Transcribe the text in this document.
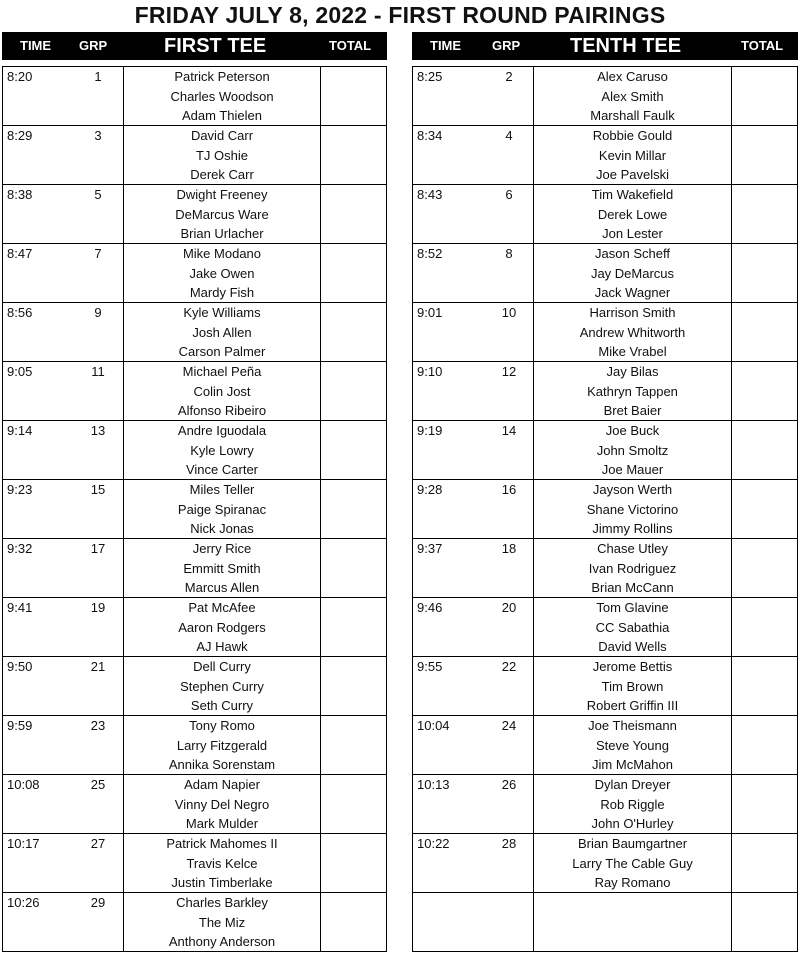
FRIDAY JULY 8, 2022 - FIRST ROUND PAIRINGS
TIME GRP	FIRST TEE	TOTAL	TIME GRP TENTH TEE	TOTAL
8:20	1	Patrick Peterson
Charles Woodson
Adam Thielen
8:29	3	David Carr
TJ Oshie
Derek Carr
8:38	5	Dwight Freeney
DeMarcus Ware
Brian Urlacher
8:47	7	Mike Modano
Jake Owen
Mardy Fish
8:56	9	Kyle Williams
Josh Allen
Carson Palmer
9:05	11	Michael Peña
Colin Jost
Alfonso Ribeiro
9:14	13	Andre Iguodala
Kyle Lowry
Vince Carter
9:23	15	Miles Teller
Paige Spiranac
Nick Jonas
9:32	17	Jerry Rice
Emmitt Smith
Marcus Allen
9:41	19	Pat McAfee
Aaron Rodgers
AJ Hawk
9:50	21	Dell Curry
Stephen Curry
Seth Curry
9:59	23	Tony Romo
Larry Fitzgerald
Annika Sorenstam
10:08	25	Adam Napier
Vinny Del Negro
Mark Mulder
10:17	27	Patrick Mahomes II
Travis Kelce
Justin Timberlake
10:26	29	Charles Barkley
The Miz
Anthony Anderson
8:25	2	Alex Caruso
Alex Smith
Marshall Faulk
8:34	4	Robbie Gould
Kevin Millar
Joe Pavelski
8:43	6	Tim Wakefield
Derek Lowe
Jon Lester
8:52	8	Jason Scheff
Jay DeMarcus
Jack Wagner
9:01	10	Harrison Smith
Andrew Whitworth
Mike Vrabel
9:10	12	Jay Bilas
Kathryn Tappen
Bret Baier
9:19	14	Joe Buck
John Smoltz
Joe Mauer
9:28	16	Jayson Werth
Shane Victorino
Jimmy Rollins
9:37	18	Chase Utley
Ivan Rodriguez
Brian McCann
9:46	20	Tom Glavine
CC Sabathia
David Wells
9:55	22	Jerome Bettis
Tim Brown
Robert Griffin III
10:04	24	Joe Theismann
Steve Young
Jim McMahon
10:13	26	Dylan Dreyer
Rob Riggle
John O'Hurley
10:22	28	Brian Baumgartner
Larry The Cable Guy
Ray Romano
